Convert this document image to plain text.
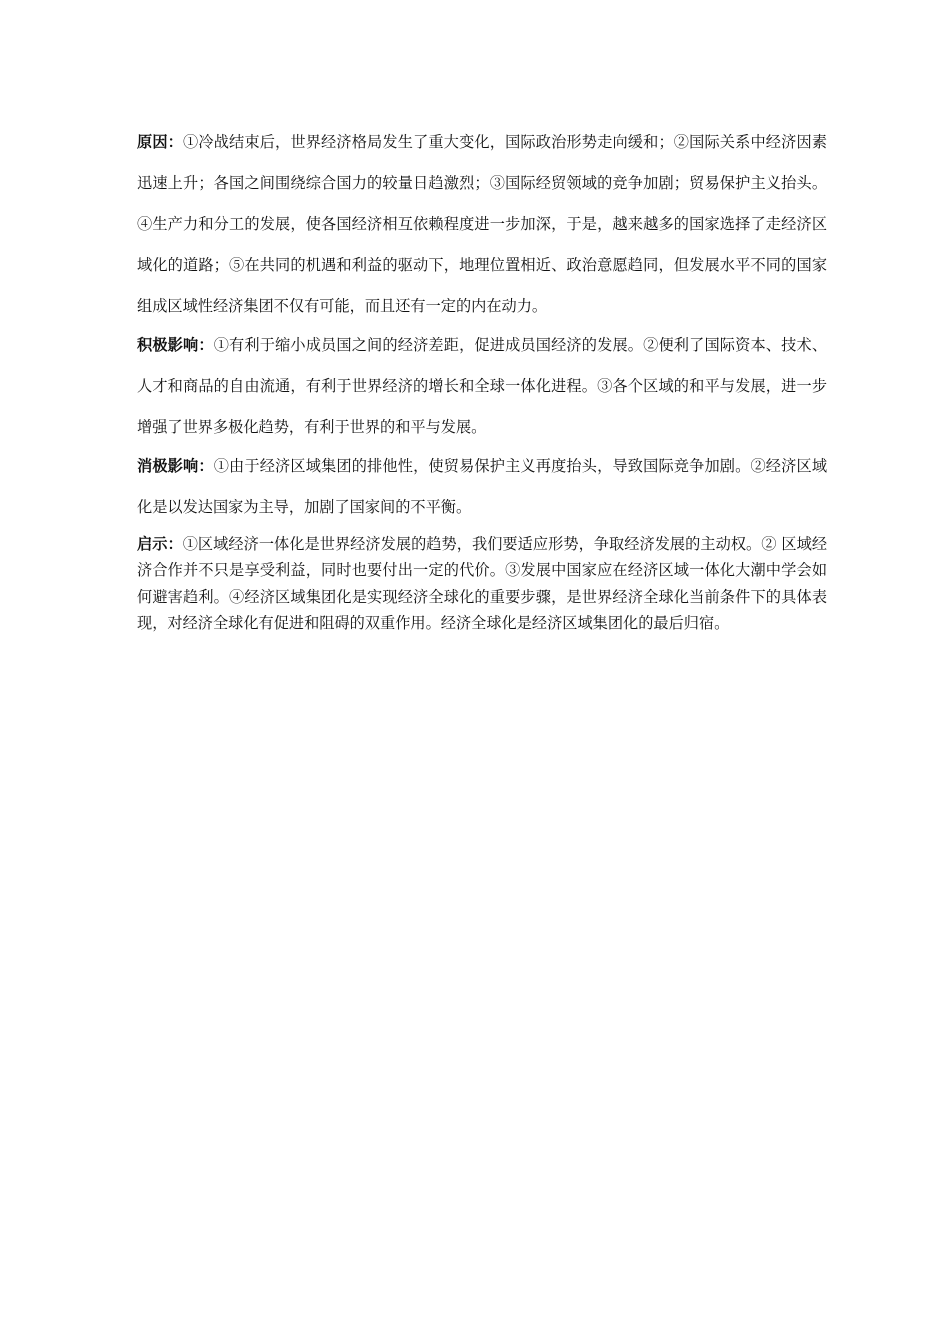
原因：①冷战结束后，世界经济格局发生了重大变化，国际政治形势走向缓和；②国际关系中经济因素迅速上升；各国之间围绕综合国力的较量日趋激烈；③国际经贸领域的竞争加剧；贸易保护主义抬头。④生产力和分工的发展，使各国经济相互依赖程度进一步加深，于是，越来越多的国家选择了走经济区域化的道路；⑤在共同的机遇和利益的驱动下，地理位置相近、政治意愿趋同，但发展水平不同的国家组成区域性经济集团不仅有可能，而且还有一定的内在动力。

积极影响：①有利于缩小成员国之间的经济差距，促进成员国经济的发展。②便利了国际资本、技术、人才和商品的自由流通，有利于世界经济的增长和全球一体化进程。③各个区域的和平与发展，进一步增强了世界多极化趋势，有利于世界的和平与发展。

消极影响：①由于经济区域集团的排他性，使贸易保护主义再度抬头，导致国际竞争加剧。②经济区域化是以发达国家为主导，加剧了国家间的不平衡。

启示：①区域经济一体化是世界经济发展的趋势，我们要适应形势，争取经济发展的主动权。② 区域经济合作并不只是享受利益，同时也要付出一定的代价。③发展中国家应在经济区域一体化大潮中学会如何避害趋利。④经济区域集团化是实现经济全球化的重要步骤，是世界经济全球化当前条件下的具体表现，对经济全球化有促进和阻碍的双重作用。经济全球化是经济区域集团化的最后归宿。
